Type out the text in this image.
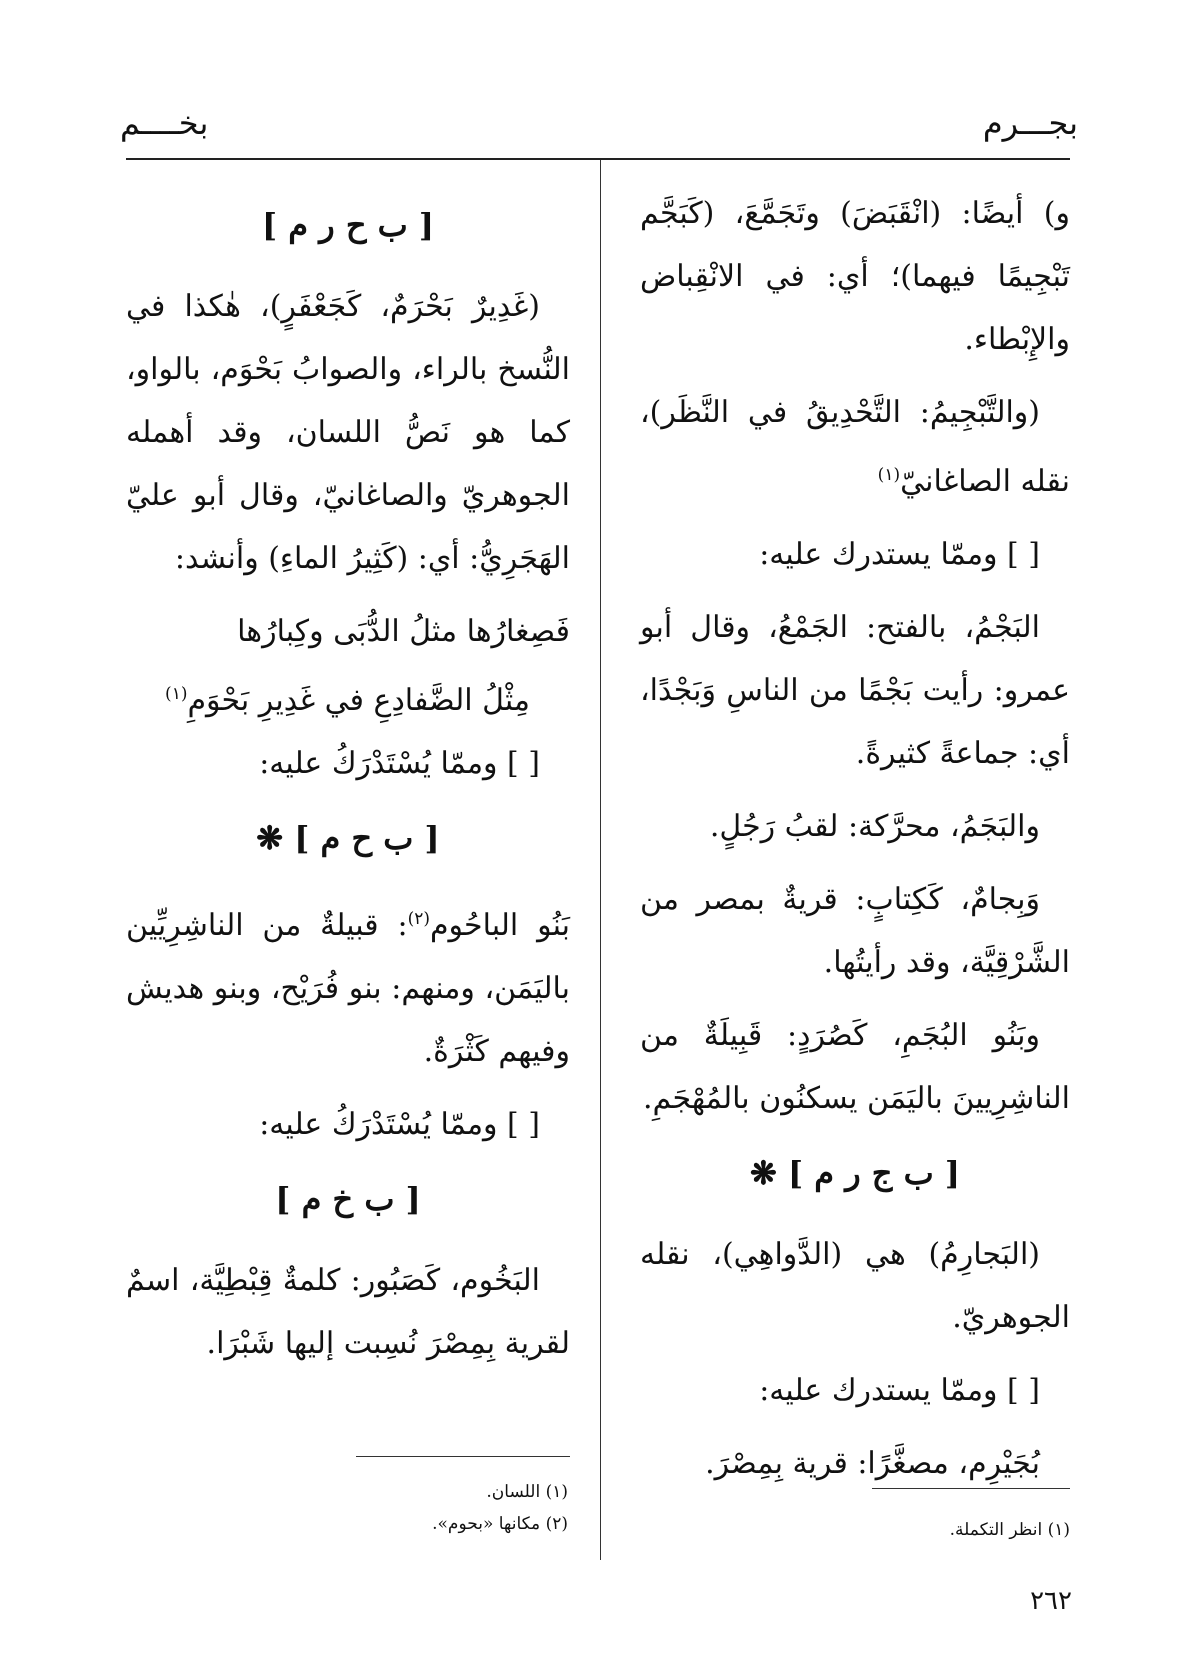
بجـــرم
بخــــم

و) أيضًا: (انْقَبَضَ) وتَجَمَّعَ، (كَبَجَّم تَبْجِيمًا فيهما)؛ أي: في الانْقِباض والإِبْطاء.

(والتَّبْجِيمُ: التَّحْدِيقُ في النَّظَر)، نقله الصاغانيّ$^{(١)}$

[ ] وممّا يستدرك عليه:

البَجْمُ، بالفتح: الجَمْعُ، وقال أبو عمرو: رأيت بَجْمًا من الناسِ وَبَجْدًا، أي: جماعةً كثيرةً.

والبَجَمُ، محرَّكة: لقبُ رَجُلٍ.

وَبِجامٌ، كَكِتابٍ: قريةٌ بمصر من الشَّرْقِيَّة، وقد رأيتُها.

وبَنُو البُجَمِ، كَصُرَدٍ: قَبِيلَةٌ من الناشِرِيينَ باليَمَن يسكنُون بالمُهْجَمِ.

[ ب ج ر م ] ❋

(البَجارِمُ) هي (الدَّواهِي)، نقله الجوهريّ.

[ ] وممّا يستدرك عليه:

بُجَيْرِم، مصغَّرًا: قرية بِمِصْرَ.

[ ب ح ر م ]

(غَدِيرٌ بَحْرَمٌ، كَجَعْفَرٍ)، هٰكذا في النُّسخ بالراء، والصوابُ بَحْوَم، بالواو، كما هو نَصُّ اللسان، وقد أهمله الجوهريّ والصاغانيّ، وقال أبو عليّ الهَجَرِيُّ: أي: (كَثِيرُ الماءِ) وأنشد:

فَصِغارُها مثلُ الدُّبَى وكِبارُها

مِثْلُ الضَّفادِعِ في غَدِيرِ بَحْوَمِ$^{(١)}$

[ ] وممّا يُسْتَدْرَكُ عليه:

[ ب ح م ] ❋

بَنُو الباحُوم$^{(٢)}$: قبيلةٌ من الناشِرِيِّين باليَمَن، ومنهم: بنو فُرَيْح، وبنو هديش وفيهم كَثْرَةٌ.

[ ] وممّا يُسْتَدْرَكُ عليه:

[ ب خ م ]

البَخُوم، كَصَبُور: كلمةٌ قِبْطِيَّة، اسمٌ لقرية بِمِصْرَ نُسِبت إليها شَبْرَا.

(١) انظر التكملة.
(١) اللسان.
(٢) مكانها «بحوم».
٢٦٢
